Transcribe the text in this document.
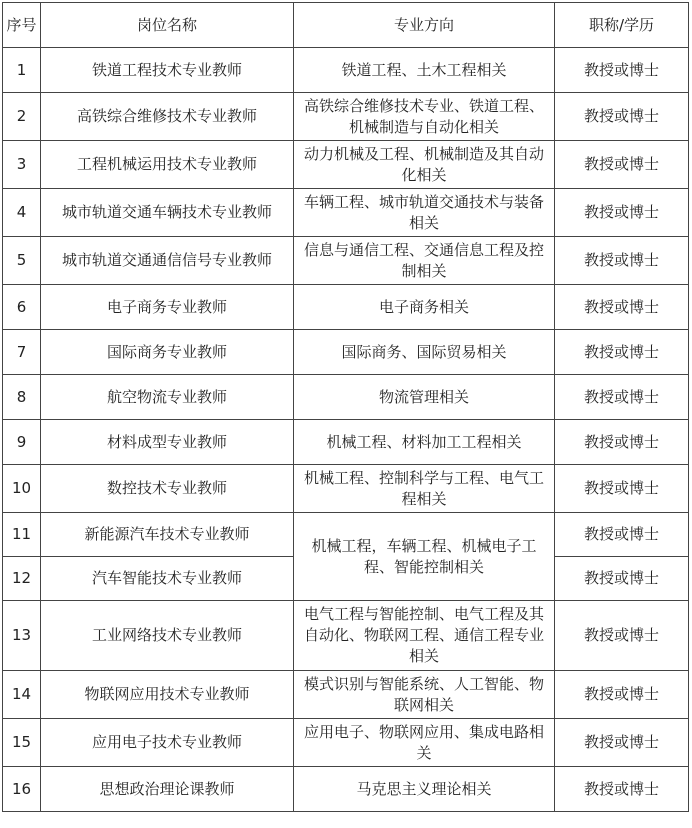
序号	岗位名称	专业方向	职称/学历
1	铁道工程技术专业教师	铁道工程、土木工程相关	教授或博士
2	高铁综合维修技术专业教师	高铁综合维修技术专业、铁道工程、机械制造与自动化相关	教授或博士
3	工程机械运用技术专业教师	动力机械及工程、机械制造及其自动化相关	教授或博士
4	城市轨道交通车辆技术专业教师	车辆工程、城市轨道交通技术与装备相关	教授或博士
5	城市轨道交通通信信号专业教师	信息与通信工程、交通信息工程及控制相关	教授或博士
6	电子商务专业教师	电子商务相关	教授或博士
7	国际商务专业教师	国际商务、国际贸易相关	教授或博士
8	航空物流专业教师	物流管理相关	教授或博士
9	材料成型专业教师	机械工程、材料加工工程相关	教授或博士
10	数控技术专业教师	机械工程、控制科学与工程、电气工程相关	教授或博士
11	新能源汽车技术专业教师	机械工程，车辆工程、机械电子工程、智能控制相关	教授或博士
12	汽车智能技术专业教师		教授或博士
13	工业网络技术专业教师	电气工程与智能控制、电气工程及其自动化、物联网工程、通信工程专业相关	教授或博士
14	物联网应用技术专业教师	模式识别与智能系统、人工智能、物联网相关	教授或博士
15	应用电子技术专业教师	应用电子、物联网应用、集成电路相关	教授或博士
16	思想政治理论课教师	马克思主义理论相关	教授或博士
